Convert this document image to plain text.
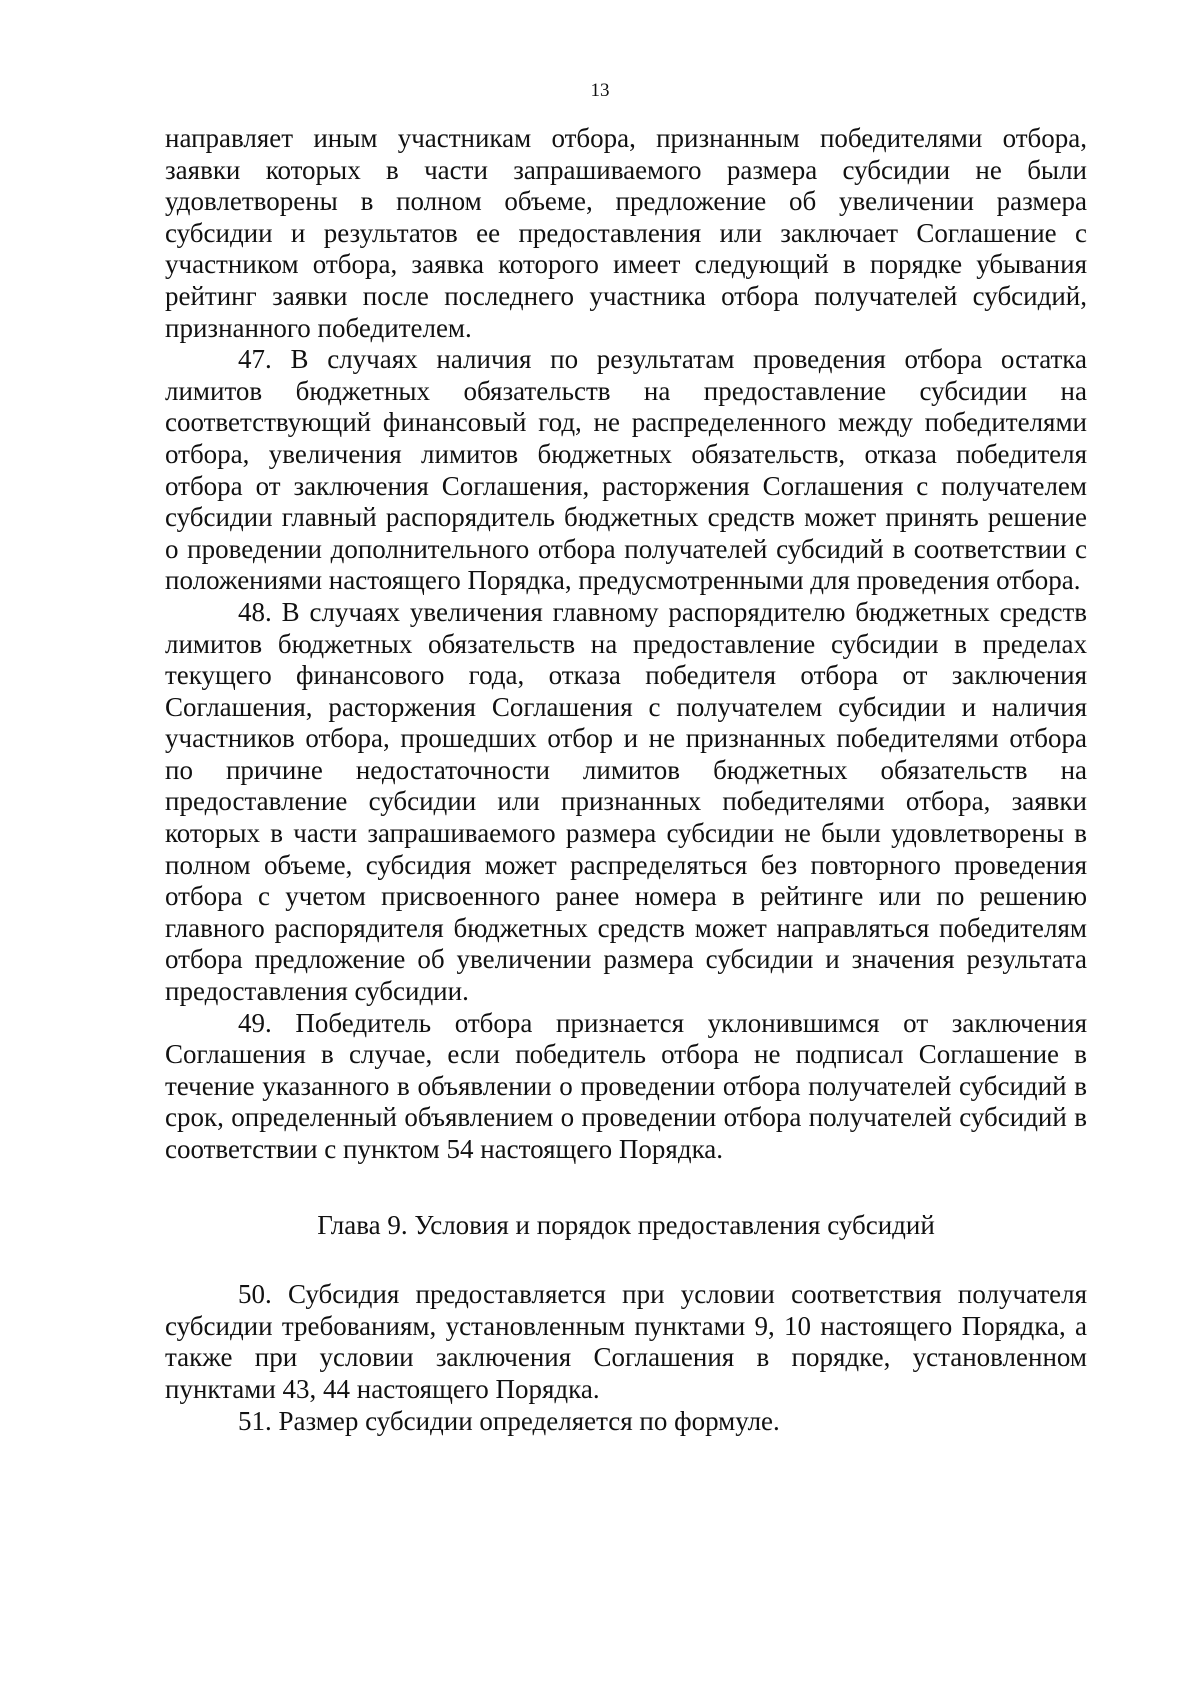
13

направляет иным участникам отбора, признанным победителями отбора, заявки которых в части запрашиваемого размера субсидии не были удовлетворены в полном объеме, предложение об увеличении размера субсидии и результатов ее предоставления или заключает Соглашение с участником отбора, заявка которого имеет следующий в порядке убывания рейтинг заявки после последнего участника отбора получателей субсидий, признанного победителем.

47. В случаях наличия по результатам проведения отбора остатка лимитов бюджетных обязательств на предоставление субсидии на соответствующий финансовый год, не распределенного между победителями отбора, увеличения лимитов бюджетных обязательств, отказа победителя отбора от заключения Соглашения, расторжения Соглашения с получателем субсидии главный распорядитель бюджетных средств может принять решение о проведении дополнительного отбора получателей субсидий в соответствии с положениями настоящего Порядка, предусмотренными для проведения отбора.

48. В случаях увеличения главному распорядителю бюджетных средств лимитов бюджетных обязательств на предоставление субсидии в пределах текущего финансового года, отказа победителя отбора от заключения Соглашения, расторжения Соглашения с получателем субсидии и наличия участников отбора, прошедших отбор и не признанных победителями отбора по причине недостаточности лимитов бюджетных обязательств на предоставление субсидии или признанных победителями отбора, заявки которых в части запрашиваемого размера субсидии не были удовлетворены в полном объеме, субсидия может распределяться без повторного проведения отбора с учетом присвоенного ранее номера в рейтинге или по решению главного распорядителя бюджетных средств может направляться победителям отбора предложение об увеличении размера субсидии и значения результата предоставления субсидии.

49. Победитель отбора признается уклонившимся от заключения Соглашения в случае, если победитель отбора не подписал Соглашение в течение указанного в объявлении о проведении отбора получателей субсидий в срок, определенный объявлением о проведении отбора получателей субсидий в соответствии с пунктом 54 настоящего Порядка.

Глава 9. Условия и порядок предоставления субсидий

50. Субсидия предоставляется при условии соответствия получателя субсидии требованиям, установленным пунктами 9, 10 настоящего Порядка, а также при условии заключения Соглашения в порядке, установленном пунктами 43, 44 настоящего Порядка.

51. Размер субсидии определяется по формуле.
